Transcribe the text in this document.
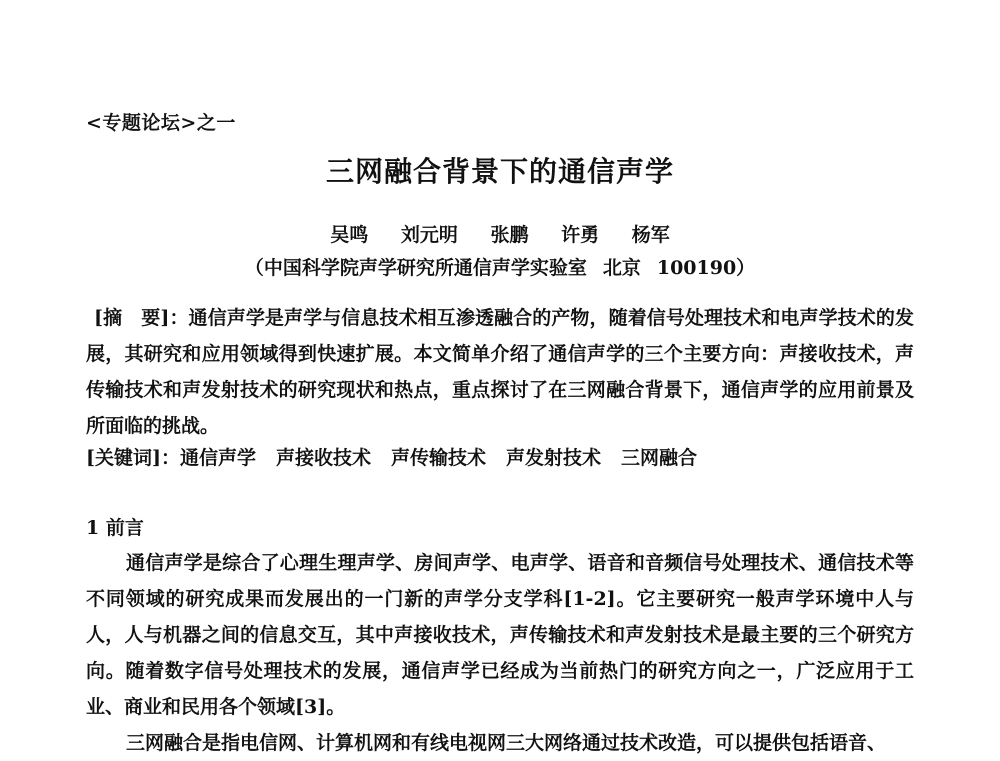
<专题论坛>之一
三网融合背景下的通信声学
吴鸣 刘元明 张鹏 许勇 杨军
（中国科学院声学研究所通信声学实验室 北京 100190）
[摘　要]：通信声学是声学与信息技术相互渗透融合的产物，随着信号处理技术和电声学技术的发展，其研究和应用领域得到快速扩展。本文简单介绍了通信声学的三个主要方向：声接收技术，声传输技术和声发射技术的研究现状和热点，重点探讨了在三网融合背景下，通信声学的应用前景及所面临的挑战。
[关键词]：通信声学 声接收技术 声传输技术 声发射技术 三网融合
1 前言
通信声学是综合了心理生理声学、房间声学、电声学、语音和音频信号处理技术、通信技术等不同领域的研究成果而发展出的一门新的声学分支学科[1-2]。它主要研究一般声学环境中人与人，人与机器之间的信息交互，其中声接收技术，声传输技术和声发射技术是最主要的三个研究方向。随着数字信号处理技术的发展，通信声学已经成为当前热门的研究方向之一，广泛应用于工业、商业和民用各个领域[3]。
三网融合是指电信网、计算机网和有线电视网三大网络通过技术改造，可以提供包括语音、
